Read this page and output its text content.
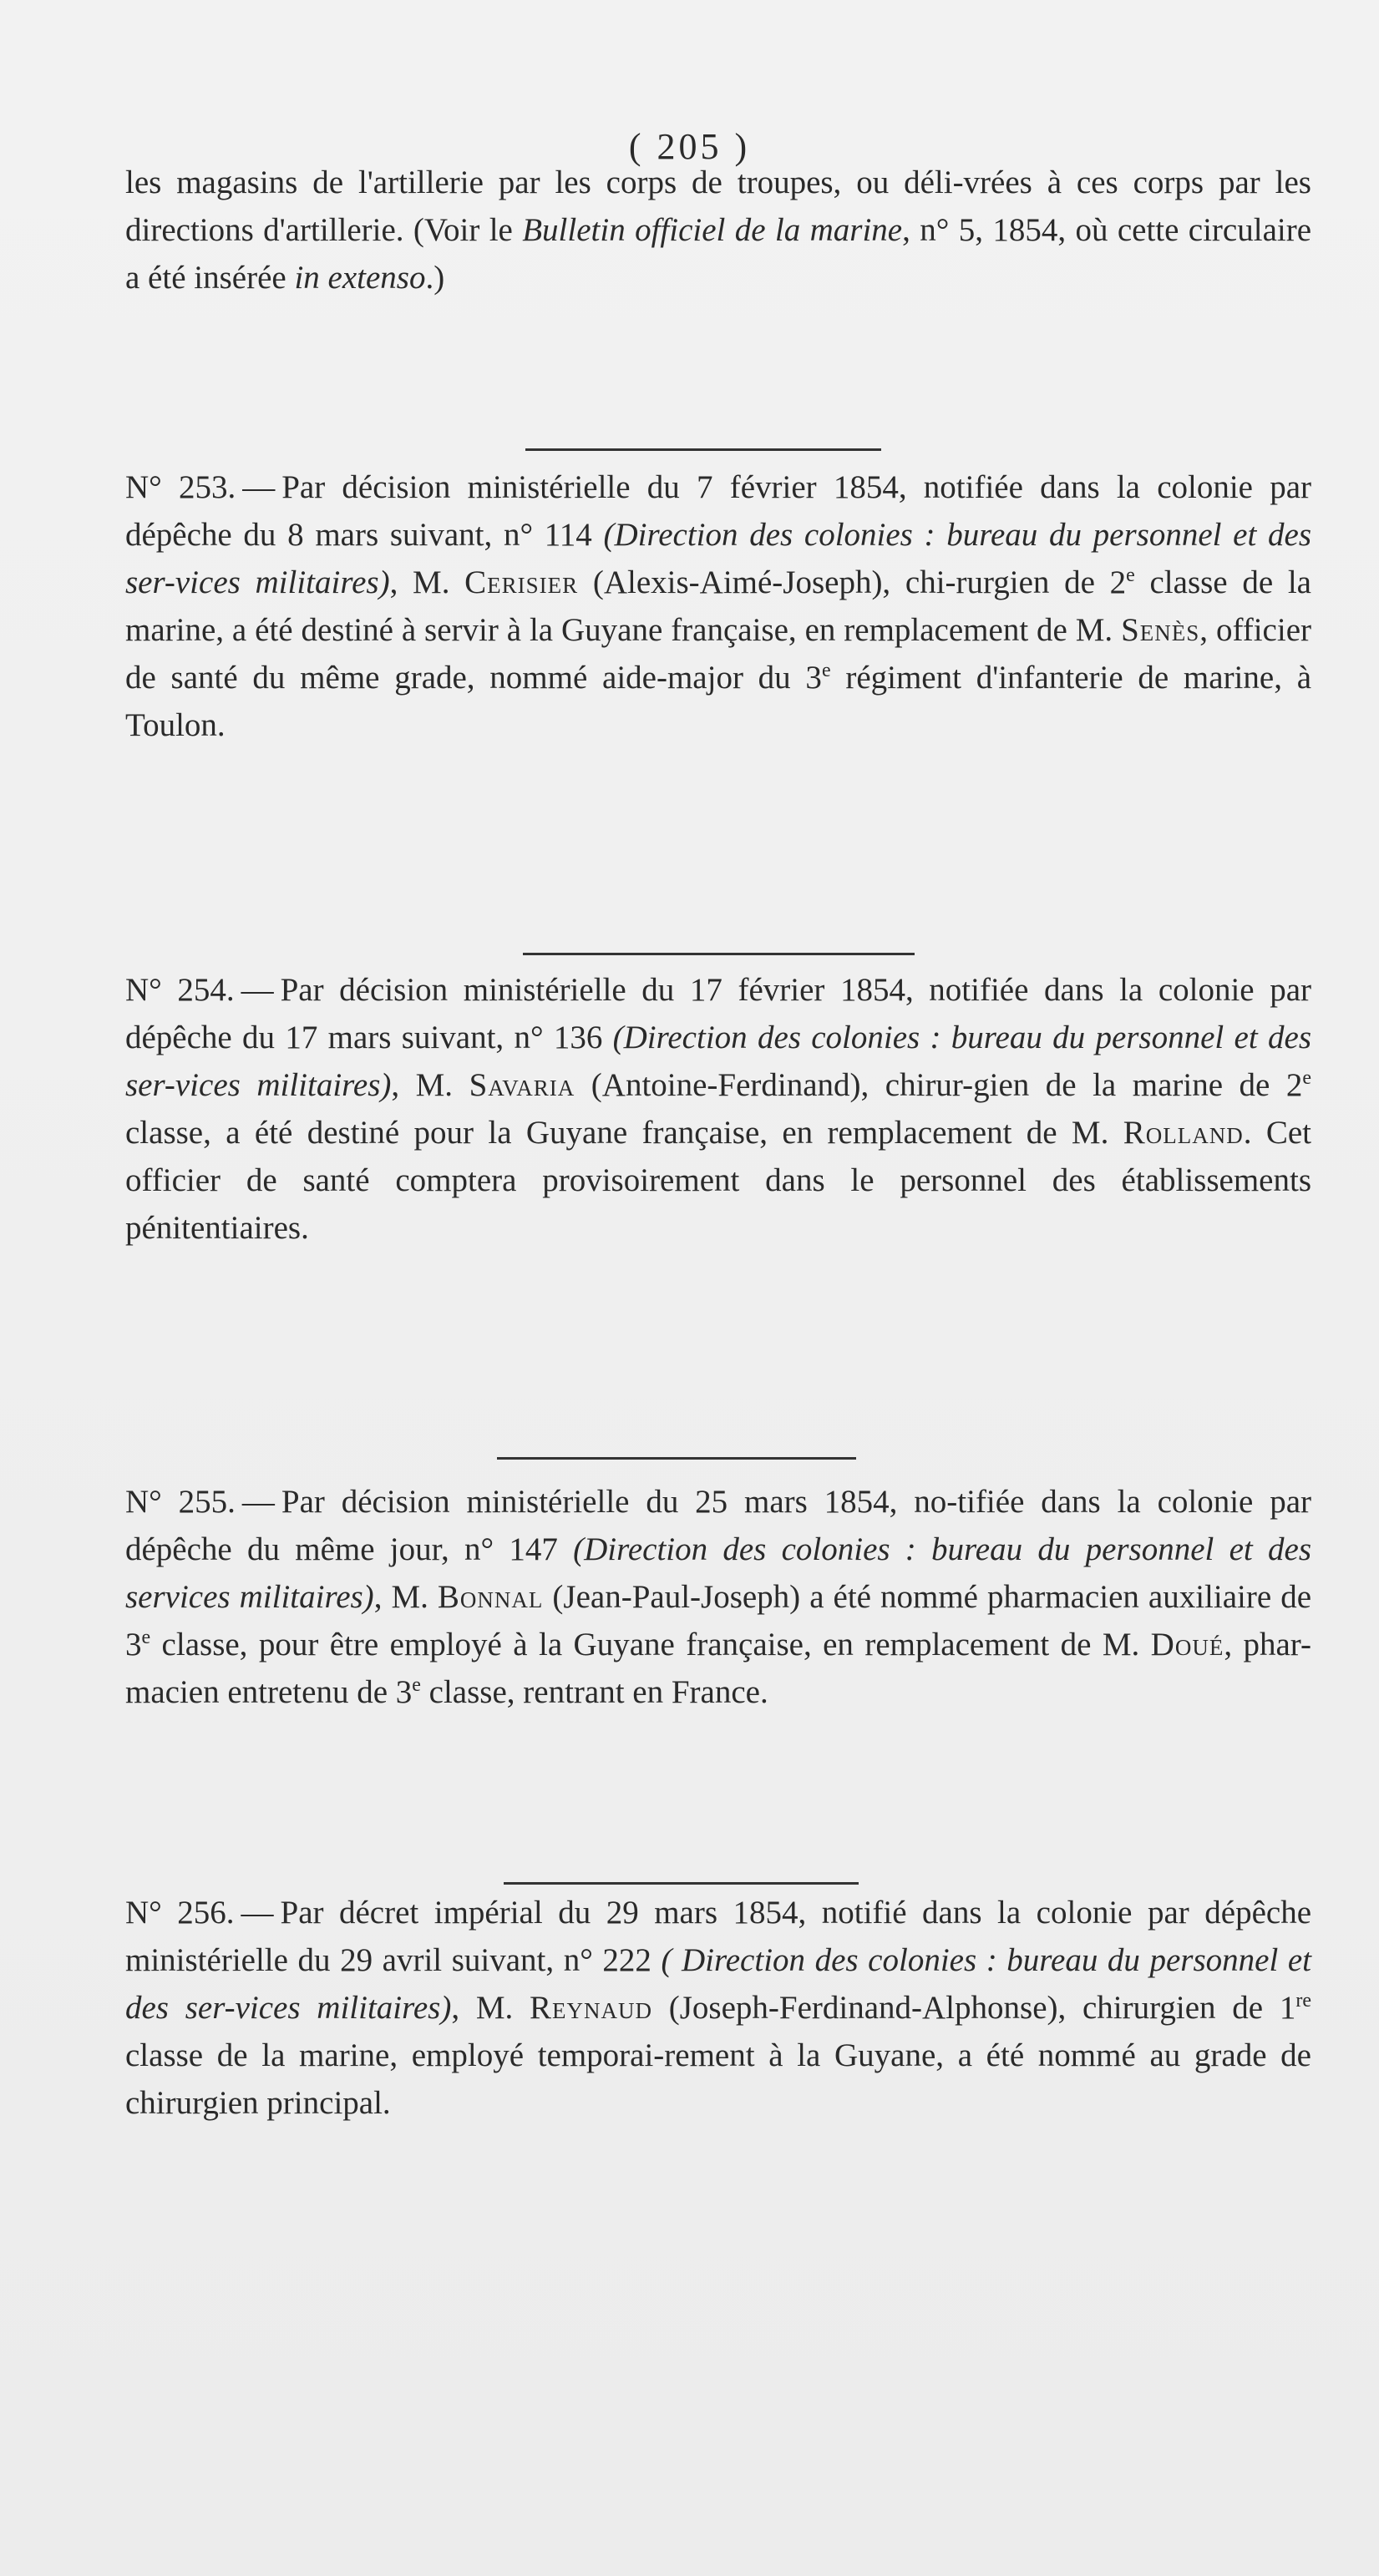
( 205 )
les magasins de l'artillerie par les corps de troupes, ou déli-vrées à ces corps par les directions d'artillerie. (Voir le Bulletin officiel de la marine, n° 5, 1854, où cette circulaire a été insérée in extenso.)
N° 253. — Par décision ministérielle du 7 février 1854, notifiée dans la colonie par dépêche du 8 mars suivant, n° 114 (Direction des colonies : bureau du personnel et des ser-vices militaires), M. Cerisier (Alexis-Aimé-Joseph), chi-rurgien de 2e classe de la marine, a été destiné à servir à la Guyane française, en remplacement de M. Senès, officier de santé du même grade, nommé aide-major du 3e régiment d'infanterie de marine, à Toulon.
N° 254. — Par décision ministérielle du 17 février 1854, notifiée dans la colonie par dépêche du 17 mars suivant, n° 136 (Direction des colonies : bureau du personnel et des ser-vices militaires), M. Savaria (Antoine-Ferdinand), chirur-gien de la marine de 2e classe, a été destiné pour la Guyane française, en remplacement de M. Rolland. Cet officier de santé comptera provisoirement dans le personnel des établissements pénitentiaires.
N° 255. — Par décision ministérielle du 25 mars 1854, no-tifiée dans la colonie par dépêche du même jour, n° 147 (Direction des colonies : bureau du personnel et des services militaires), M. Bonnal (Jean-Paul-Joseph) a été nommé pharmacien auxiliaire de 3e classe, pour être employé à la Guyane française, en remplacement de M. Doué, phar-macien entretenu de 3e classe, rentrant en France.
N° 256. — Par décret impérial du 29 mars 1854, notifié dans la colonie par dépêche ministérielle du 29 avril suivant, n° 222 ( Direction des colonies : bureau du personnel et des ser-vices militaires), M. Reynaud (Joseph-Ferdinand-Alphonse), chirurgien de 1re classe de la marine, employé temporai-rement à la Guyane, a été nommé au grade de chirurgien principal.
